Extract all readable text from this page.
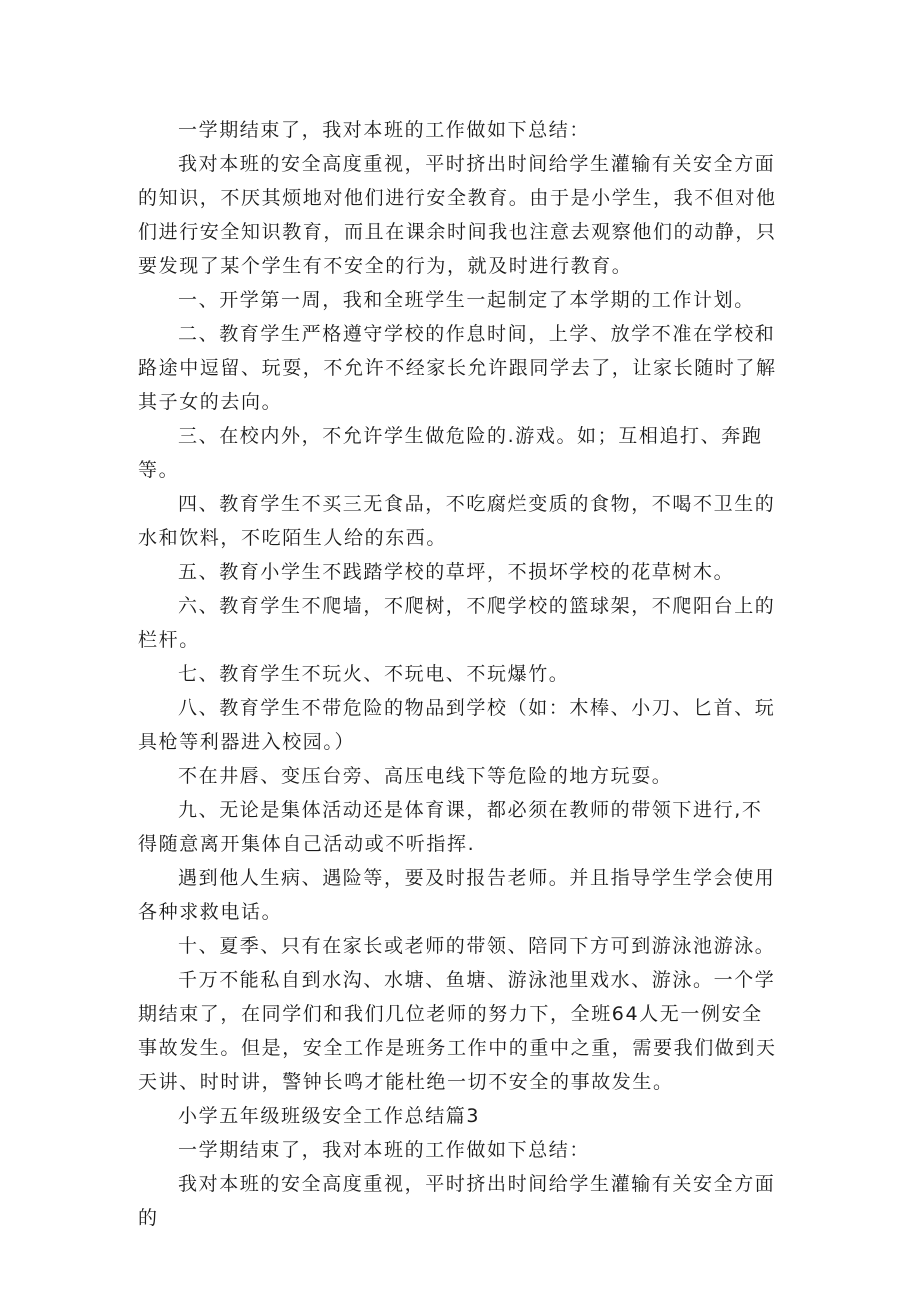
一学期结束了，我对本班的工作做如下总结：

我对本班的安全高度重视，平时挤出时间给学生灌输有关安全方面的知识，不厌其烦地对他们进行安全教育。由于是小学生，我不但对他们进行安全知识教育，而且在课余时间我也注意去观察他们的动静，只要发现了某个学生有不安全的行为，就及时进行教育。

一、开学第一周，我和全班学生一起制定了本学期的工作计划。

二、教育学生严格遵守学校的作息时间，上学、放学不准在学校和路途中逗留、玩耍，不允许不经家长允许跟同学去了，让家长随时了解其子女的去向。

三、在校内外，不允许学生做危险的.游戏。如；互相追打、奔跑等。

四、教育学生不买三无食品，不吃腐烂变质的食物，不喝不卫生的水和饮料，不吃陌生人给的东西。

五、教育小学生不践踏学校的草坪，不损坏学校的花草树木。

六、教育学生不爬墙，不爬树，不爬学校的篮球架，不爬阳台上的栏杆。

七、教育学生不玩火、不玩电、不玩爆竹。

八、教育学生不带危险的物品到学校（如：木棒、小刀、匕首、玩具枪等利器进入校园。）

不在井唇、变压台旁、高压电线下等危险的地方玩耍。

九、无论是集体活动还是体育课，都必须在教师的带领下进行,不得随意离开集体自己活动或不听指挥.

遇到他人生病、遇险等，要及时报告老师。并且指导学生学会使用各种求救电话。

十、夏季、只有在家长或老师的带领、陪同下方可到游泳池游泳。

千万不能私自到水沟、水塘、鱼塘、游泳池里戏水、游泳。一个学期结束了，在同学们和我们几位老师的努力下，全班64人无一例安全事故发生。但是，安全工作是班务工作中的重中之重，需要我们做到天天讲、时时讲，警钟长鸣才能杜绝一切不安全的事故发生。

小学五年级班级安全工作总结篇3

一学期结束了，我对本班的工作做如下总结：

我对本班的安全高度重视，平时挤出时间给学生灌输有关安全方面的
